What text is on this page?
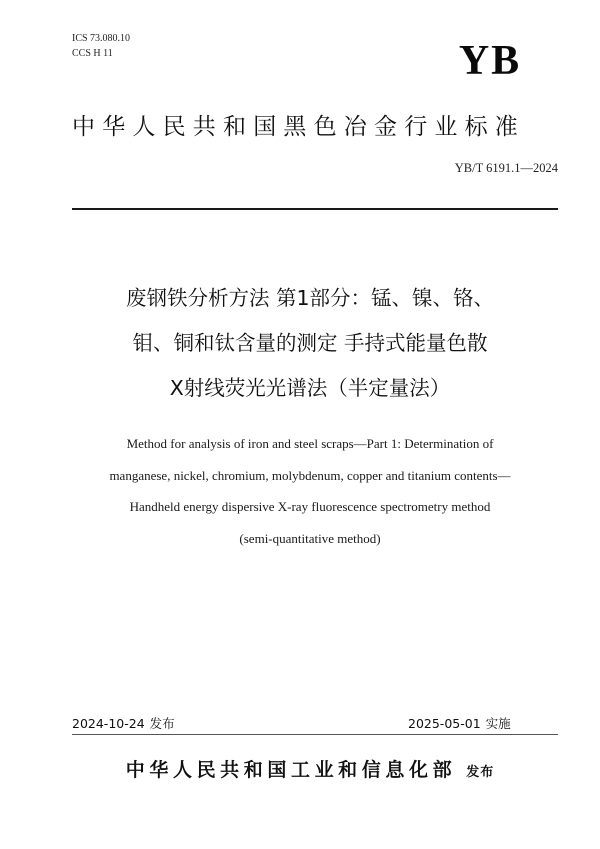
ICS 73.080.10
CCS H 11	YB
中华人民共和国黑色冶金行业标准
YB/T 6191.1—2024
废钢铁分析方法 第1部分：锰、镍、铬、
钼、铜和钛含量的测定 手持式能量色散
X射线荧光光谱法（半定量法）
Method for analysis of iron and steel scraps—Part 1: Determination of
manganese, nickel, chromium, molybdenum, copper and titanium contents—
Handheld energy dispersive X-ray fluorescence spectrometry method
(semi-quantitative method)
2024-10-24 发布	2025-05-01 实施
中华人民共和国工业和信息化部 发布
